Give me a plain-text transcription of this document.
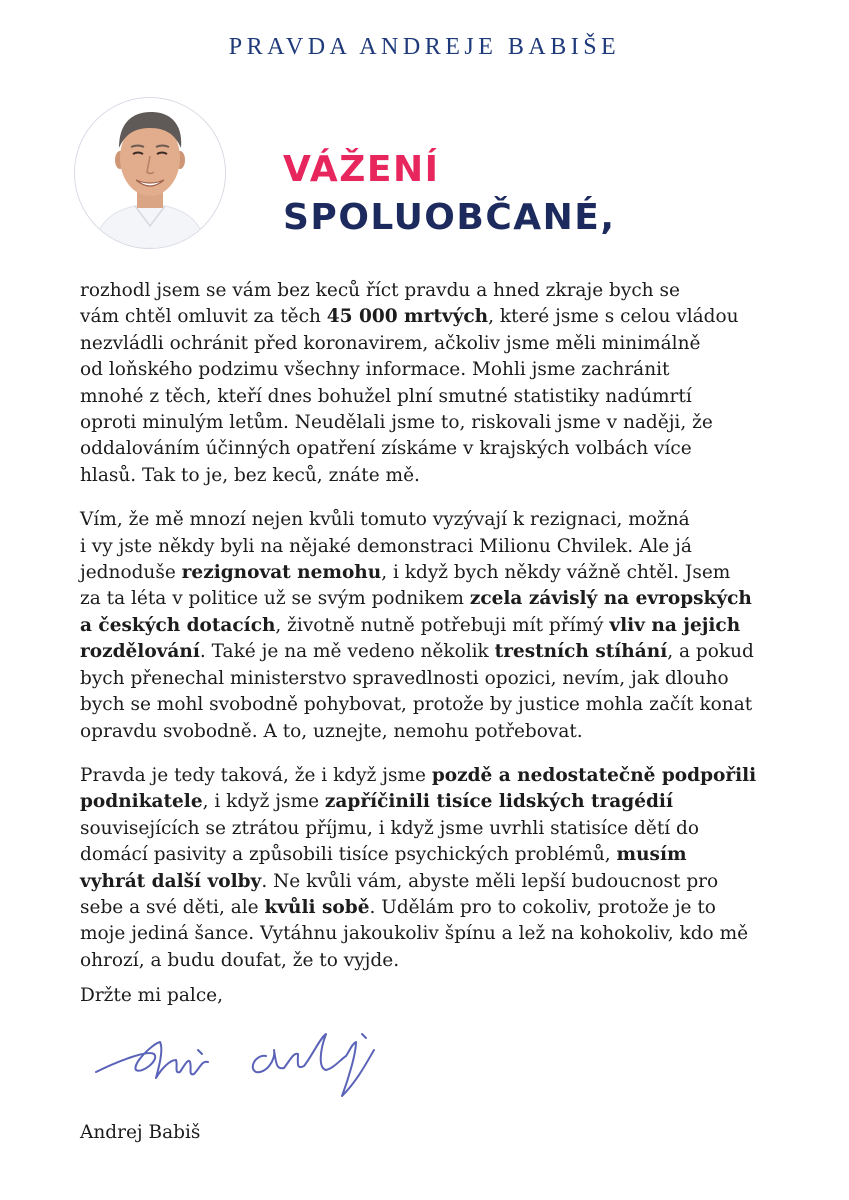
PRAVDA ANDREJE BABIŠE
VÁŽENÍ
SPOLUOBČANÉ,

rozhodl jsem se vám bez keců říct pravdu a hned zkraje bych se
vám chtěl omluvit za těch 45 000 mrtvých, které jsme s celou vládou
nezvládli ochránit před koronavirem, ačkoliv jsme měli minimálně
od loňského podzimu všechny informace. Mohli jsme zachránit
mnohé z těch, kteří dnes bohužel plní smutné statistiky nadúmrtí
oproti minulým letům. Neudělali jsme to, riskovali jsme v naději, že
oddalováním účinných opatření získáme v krajských volbách více
hlasů. Tak to je, bez keců, znáte mě.

Vím, že mě mnozí nejen kvůli tomuto vyzývají k rezignaci, možná
i vy jste někdy byli na nějaké demonstraci Milionu Chvilek. Ale já
jednoduše rezignovat nemohu, i když bych někdy vážně chtěl. Jsem
za ta léta v politice už se svým podnikem zcela závislý na evropských
a českých dotacích, životně nutně potřebuji mít přímý vliv na jejich
rozdělování. Také je na mě vedeno několik trestních stíhání, a pokud
bych přenechal ministerstvo spravedlnosti opozici, nevím, jak dlouho
bych se mohl svobodně pohybovat, protože by justice mohla začít konat
opravdu svobodně. A to, uznejte, nemohu potřebovat.

Pravda je tedy taková, že i když jsme pozdě a nedostatečně podpořili
podnikatele, i když jsme zapříčinili tisíce lidských tragédií
souvisejících se ztrátou příjmu, i když jsme uvrhli statisíce dětí do
domácí pasivity a způsobili tisíce psychických problémů, musím
vyhrát další volby. Ne kvůli vám, abyste měli lepší budoucnost pro
sebe a své děti, ale kvůli sobě. Udělám pro to cokoliv, protože je to
moje jediná šance. Vytáhnu jakoukoliv špínu a lež na kohokoliv, kdo mě
ohrozí, a budu doufat, že to vyjde.

Držte mi palce,
Andrej Babiš
